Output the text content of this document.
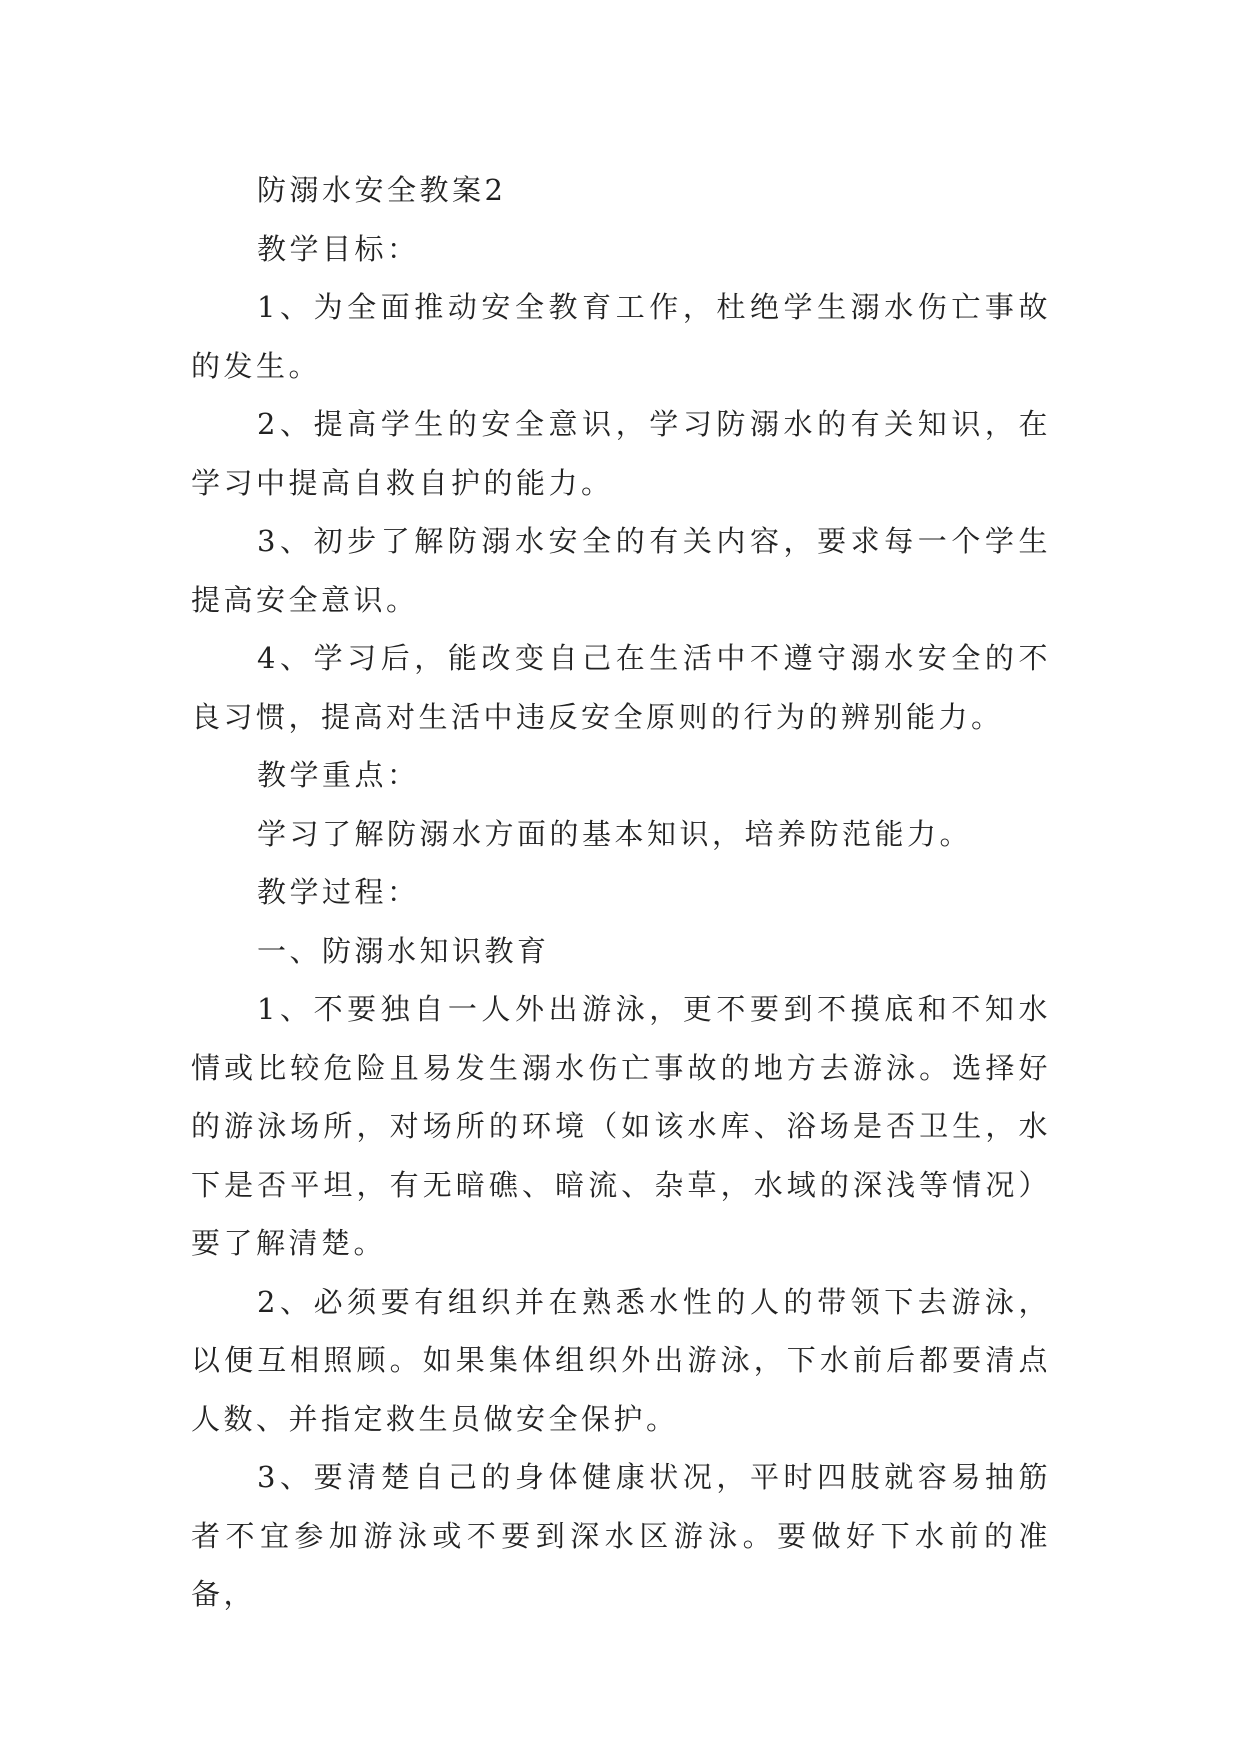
防溺水安全教案2

教学目标：

1、为全面推动安全教育工作，杜绝学生溺水伤亡事故的发生。

2、提高学生的安全意识，学习防溺水的有关知识，在学习中提高自救自护的能力。

3、初步了解防溺水安全的有关内容，要求每一个学生提高安全意识。

4、学习后，能改变自己在生活中不遵守溺水安全的不良习惯，提高对生活中违反安全原则的行为的辨别能力。

教学重点：

学习了解防溺水方面的基本知识，培养防范能力。

教学过程：

一、防溺水知识教育

1、不要独自一人外出游泳，更不要到不摸底和不知水情或比较危险且易发生溺水伤亡事故的地方去游泳。选择好的游泳场所，对场所的环境（如该水库、浴场是否卫生，水下是否平坦，有无暗礁、暗流、杂草，水域的深浅等情况）要了解清楚。

2、必须要有组织并在熟悉水性的人的带领下去游泳，以便互相照顾。如果集体组织外出游泳，下水前后都要清点人数、并指定救生员做安全保护。

3、要清楚自己的身体健康状况，平时四肢就容易抽筋者不宜参加游泳或不要到深水区游泳。要做好下水前的准备，
